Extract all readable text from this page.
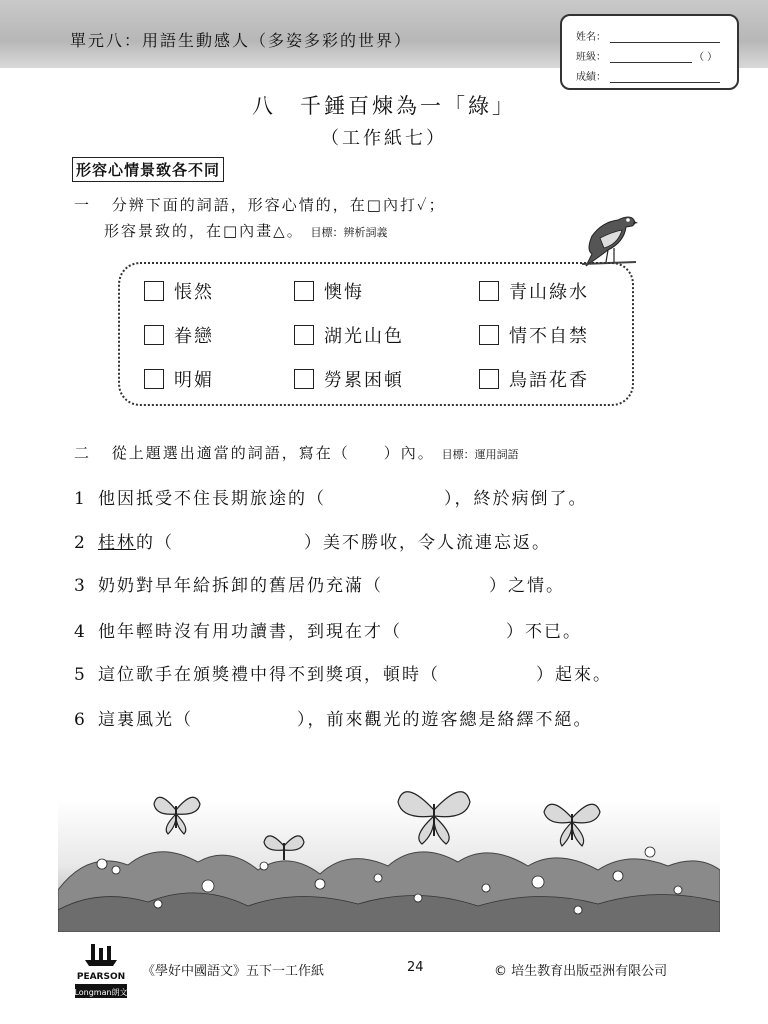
單元八：用語生動感人（多姿多彩的世界）	姓名：
班級：	（ ）
成績：
八　千錘百煉為一「綠」
（工作紙七）
形容心情景致各不同
一 分辨下面的詞語，形容心情的，在□內打✓；
形容景致的，在□內畫△。 目標：辨析詞義
悵然	懊悔	青山綠水
眷戀	湖光山色	情不自禁
明媚	勞累困頓	鳥語花香
二 從上題選出適當的詞語，寫在（　　）內。 目標：運用詞語
1 他因抵受不住長期旅途的（	），終於病倒了。
2 桂林的（	）美不勝收，令人流連忘返。
3 奶奶對早年給拆卸的舊居仍充滿（	）之情。
4 他年輕時沒有用功讀書，到現在才（	）不已。
5 這位歌手在頒獎禮中得不到獎項，頓時（	）起來。
6 這裏風光（	），前來觀光的遊客總是絡繹不絕。
PEARSON
Longman朗文
《學好中國語文》五下一工作紙	24	© 培生教育出版亞洲有限公司
